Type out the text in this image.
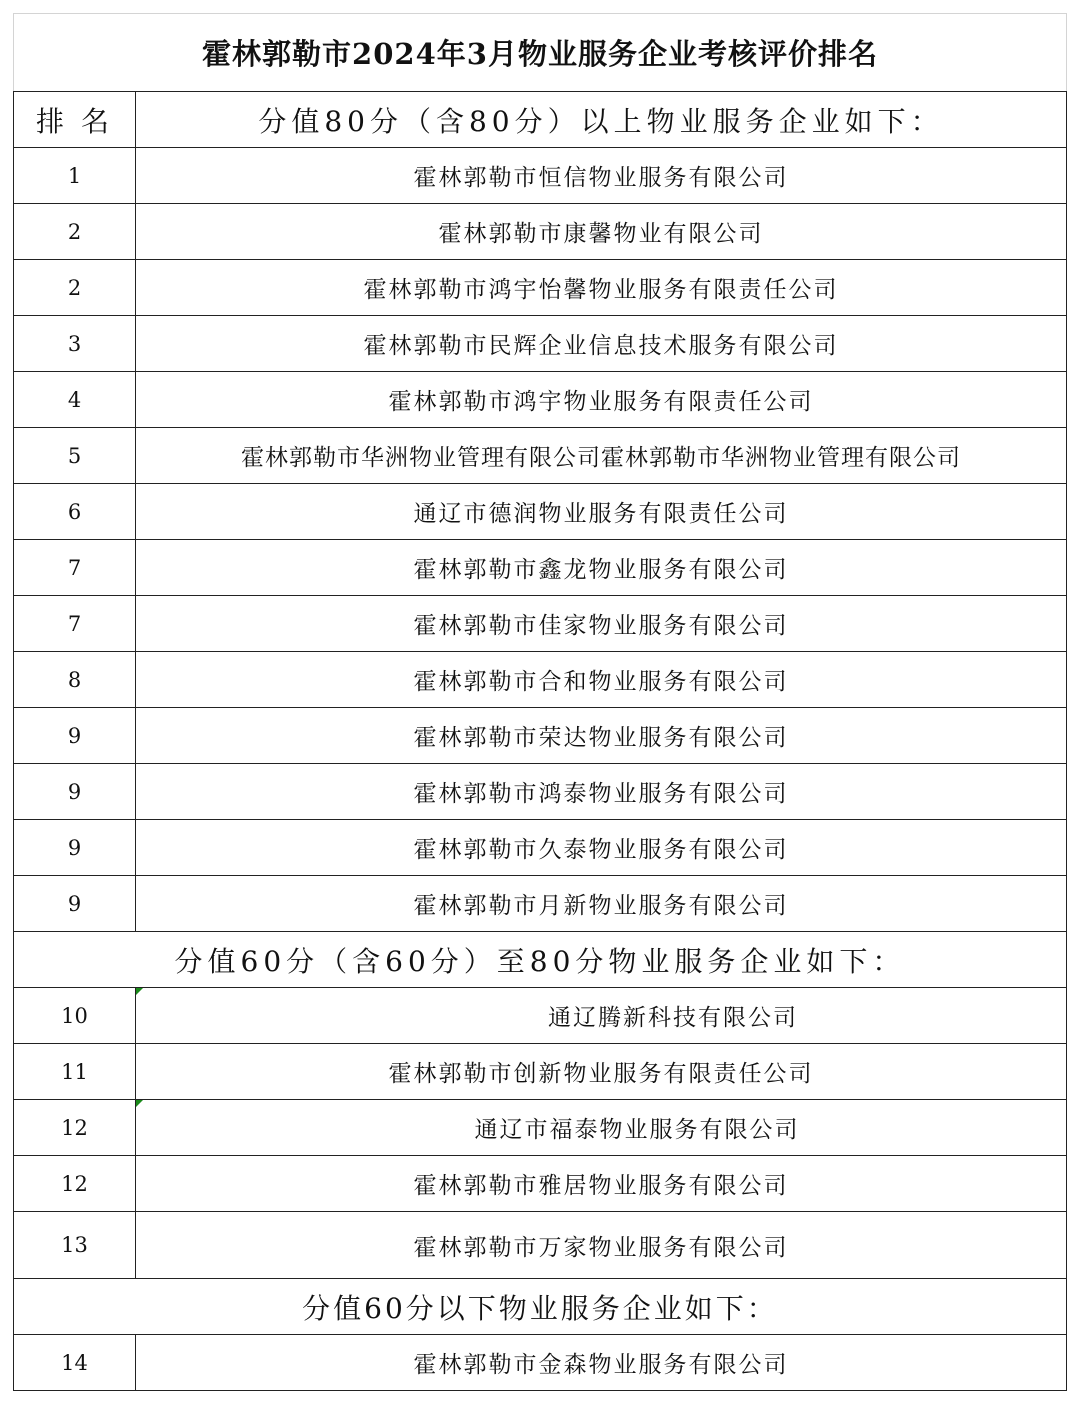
霍林郭勒市2024年3月物业服务企业考核评价排名
排 名	分值80分（含80分）以上物业服务企业如下：
1	霍林郭勒市恒信物业服务有限公司
2	霍林郭勒市康馨物业有限公司
2	霍林郭勒市鸿宇怡馨物业服务有限责任公司
3	霍林郭勒市民辉企业信息技术服务有限公司
4	霍林郭勒市鸿宇物业服务有限责任公司
5	霍林郭勒市华洲物业管理有限公司霍林郭勒市华洲物业管理有限公司
6	通辽市德润物业服务有限责任公司
7	霍林郭勒市鑫龙物业服务有限公司
7	霍林郭勒市佳家物业服务有限公司
8	霍林郭勒市合和物业服务有限公司
9	霍林郭勒市荣达物业服务有限公司
9	霍林郭勒市鸿泰物业服务有限公司
9	霍林郭勒市久泰物业服务有限公司
9	霍林郭勒市月新物业服务有限公司
分值60分（含60分）至80分物业服务企业如下：	
10	通辽腾新科技有限公司
11	霍林郭勒市创新物业服务有限责任公司
12	通辽市福泰物业服务有限公司
12	霍林郭勒市雅居物业服务有限公司
13	霍林郭勒市万家物业服务有限公司
分值60分以下物业服务企业如下：	
14	霍林郭勒市金森物业服务有限公司
